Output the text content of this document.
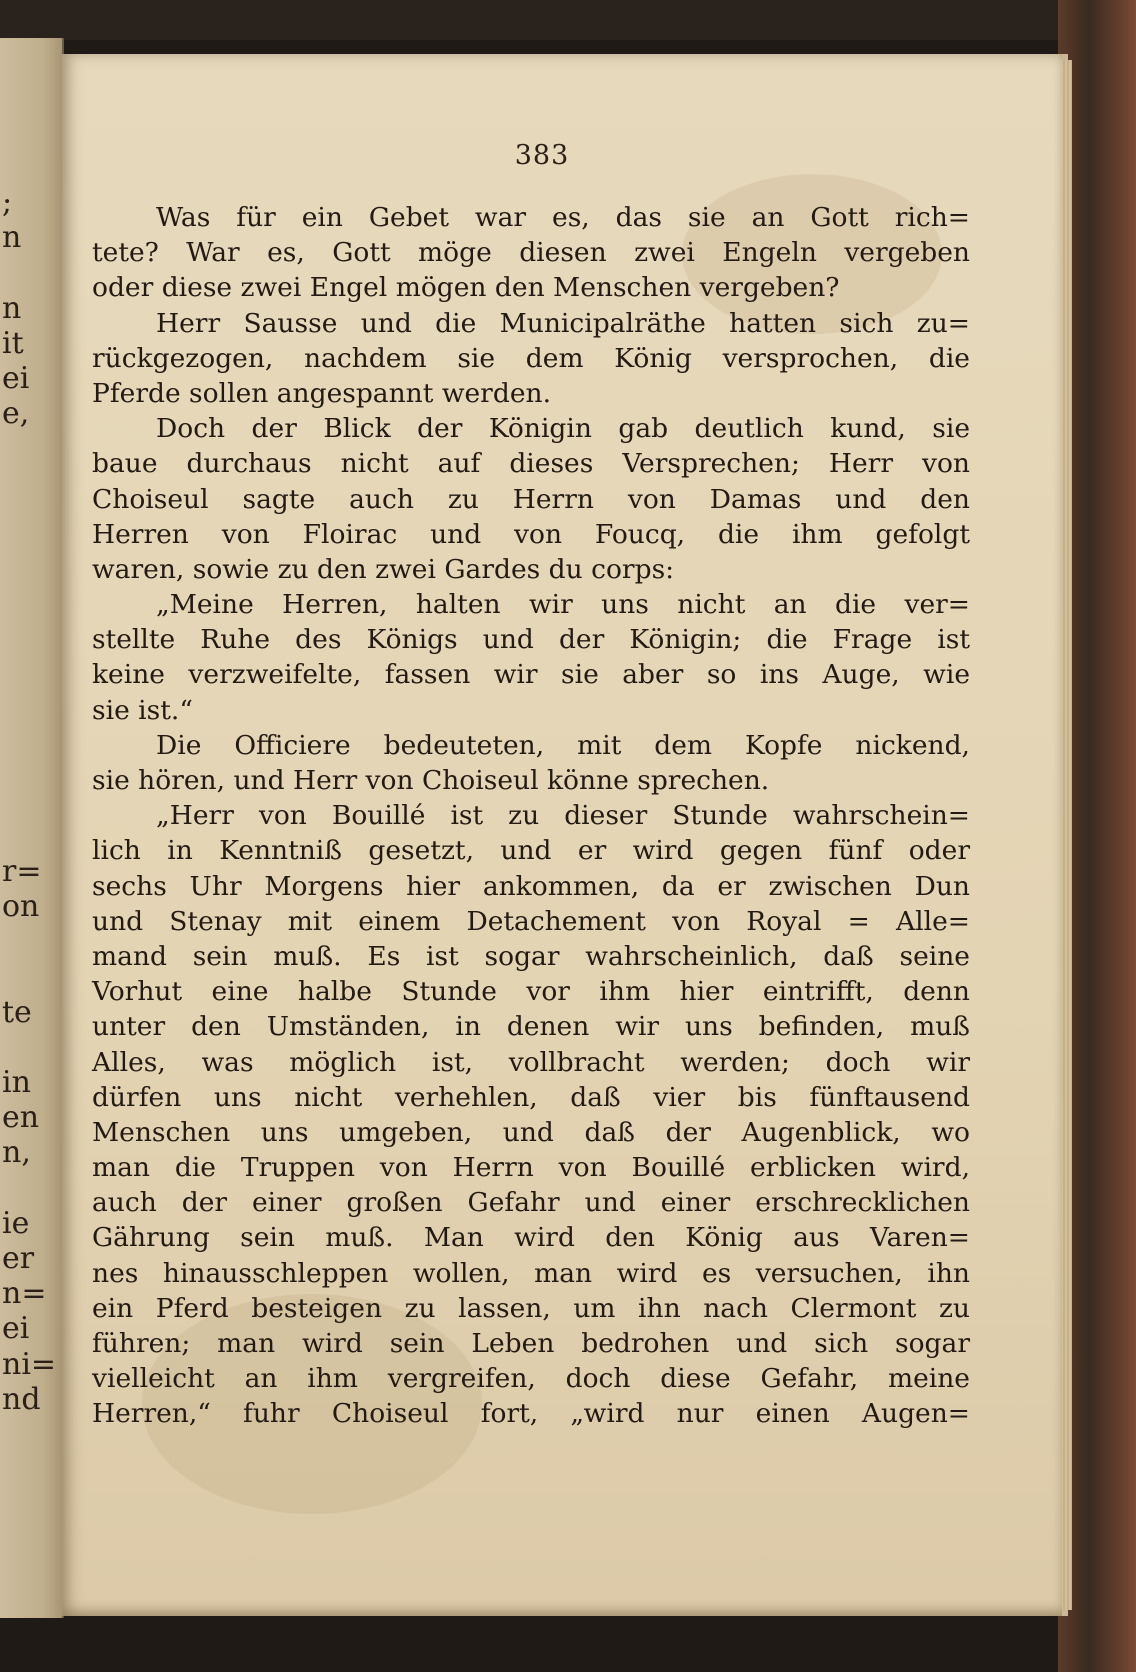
;
n
n
it
ei
e,
r=
on
te
in
en
n,
ie
er
n=
ei
ni=
nd
383
Was für ein Gebet war es, das sie an Gott rich=
tete? War es, Gott möge diesen zwei Engeln vergeben
oder diese zwei Engel mögen den Menschen vergeben?
Herr Sausse und die Municipalräthe hatten sich zu=
rückgezogen, nachdem sie dem König versprochen, die
Pferde sollen angespannt werden.
Doch der Blick der Königin gab deutlich kund, sie
baue durchaus nicht auf dieses Versprechen; Herr von
Choiseul sagte auch zu Herrn von Damas und den
Herren von Floirac und von Foucq, die ihm gefolgt
waren, sowie zu den zwei Gardes du corps:
„Meine Herren, halten wir uns nicht an die ver=
stellte Ruhe des Königs und der Königin; die Frage ist
keine verzweifelte, fassen wir sie aber so ins Auge, wie
sie ist.“
Die Officiere bedeuteten, mit dem Kopfe nickend,
sie hören, und Herr von Choiseul könne sprechen.
„Herr von Bouillé ist zu dieser Stunde wahrschein=
lich in Kenntniß gesetzt, und er wird gegen fünf oder
sechs Uhr Morgens hier ankommen, da er zwischen Dun
und Stenay mit einem Detachement von Royal = Alle=
mand sein muß. Es ist sogar wahrscheinlich, daß seine
Vorhut eine halbe Stunde vor ihm hier eintrifft, denn
unter den Umständen, in denen wir uns befinden, muß
Alles, was möglich ist, vollbracht werden; doch wir
dürfen uns nicht verhehlen, daß vier bis fünftausend
Menschen uns umgeben, und daß der Augenblick, wo
man die Truppen von Herrn von Bouillé erblicken wird,
auch der einer großen Gefahr und einer erschrecklichen
Gährung sein muß. Man wird den König aus Varen=
nes hinausschleppen wollen, man wird es versuchen, ihn
ein Pferd besteigen zu lassen, um ihn nach Clermont zu
führen; man wird sein Leben bedrohen und sich sogar
vielleicht an ihm vergreifen, doch diese Gefahr, meine
Herren,“ fuhr Choiseul fort, „wird nur einen Augen=
